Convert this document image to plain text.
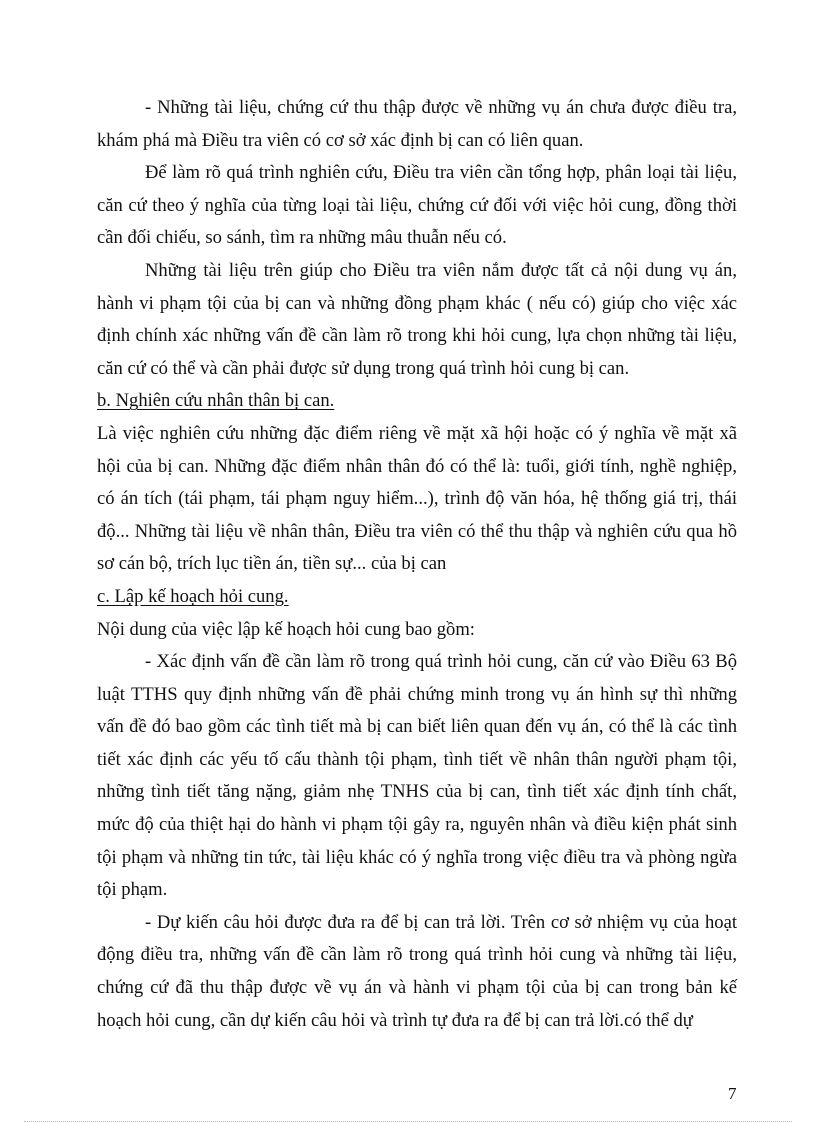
- Những tài liệu, chứng cứ thu thập được về những vụ án chưa được điều tra, khám phá mà Điều tra viên có cơ sở xác định bị can có liên quan.

Để làm rõ quá trình nghiên cứu, Điều tra viên cần tổng hợp, phân loại tài liệu, căn cứ theo ý nghĩa của từng loại tài liệu, chứng cứ đối với việc hỏi cung, đồng thời cần đối chiếu, so sánh, tìm ra những mâu thuẫn nếu có.

Những tài liệu trên giúp cho Điều tra viên nắm được tất cả nội dung vụ án, hành vi phạm tội của bị can và những đồng phạm khác ( nếu có) giúp cho việc xác định chính xác những vấn đề cần làm rõ trong khi hỏi cung, lựa chọn những tài liệu, căn cứ có thể và cần phải được sử dụng trong quá trình hỏi cung bị can.

b. Nghiên cứu nhân thân bị can.

Là việc nghiên cứu những đặc điểm riêng về mặt xã hội hoặc có ý nghĩa về mặt xã hội của bị can. Những đặc điểm nhân thân đó có thể là: tuổi, giới tính, nghề nghiệp, có án tích (tái phạm, tái phạm nguy hiểm...), trình độ văn hóa, hệ thống giá trị, thái độ... Những tài liệu về nhân thân, Điều tra viên có thể thu thập và nghiên cứu qua hồ sơ cán bộ, trích lục tiền án, tiền sự... của bị can

c. Lập kế hoạch hỏi cung.

Nội dung của việc lập kế hoạch hỏi cung bao gồm:

- Xác định vấn đề cần làm rõ trong quá trình hỏi cung, căn cứ vào Điều 63 Bộ luật TTHS quy định những vấn đề phải chứng minh trong vụ án hình sự thì những vấn đề đó bao gồm các tình tiết mà bị can biết liên quan đến vụ án, có thể là các tình tiết xác định các yếu tố cấu thành tội phạm, tình tiết về nhân thân người phạm tội, những tình tiết tăng nặng, giảm nhẹ TNHS của bị can, tình tiết xác định tính chất, mức độ của thiệt hại do hành vi phạm tội gây ra, nguyên nhân và điều kiện phát sinh tội phạm và những tin tức, tài liệu khác có ý nghĩa trong việc điều tra và phòng ngừa tội phạm.

- Dự kiến câu hỏi được đưa ra để bị can trả lời. Trên cơ sở nhiệm vụ của hoạt động điều tra, những vấn đề cần làm rõ trong quá trình hỏi cung và những tài liệu, chứng cứ đã thu thập được về vụ án và hành vi phạm tội của bị can trong bản kế hoạch hỏi cung, cần dự kiến câu hỏi và trình tự đưa ra để bị can trả lời.có thể dự

7
